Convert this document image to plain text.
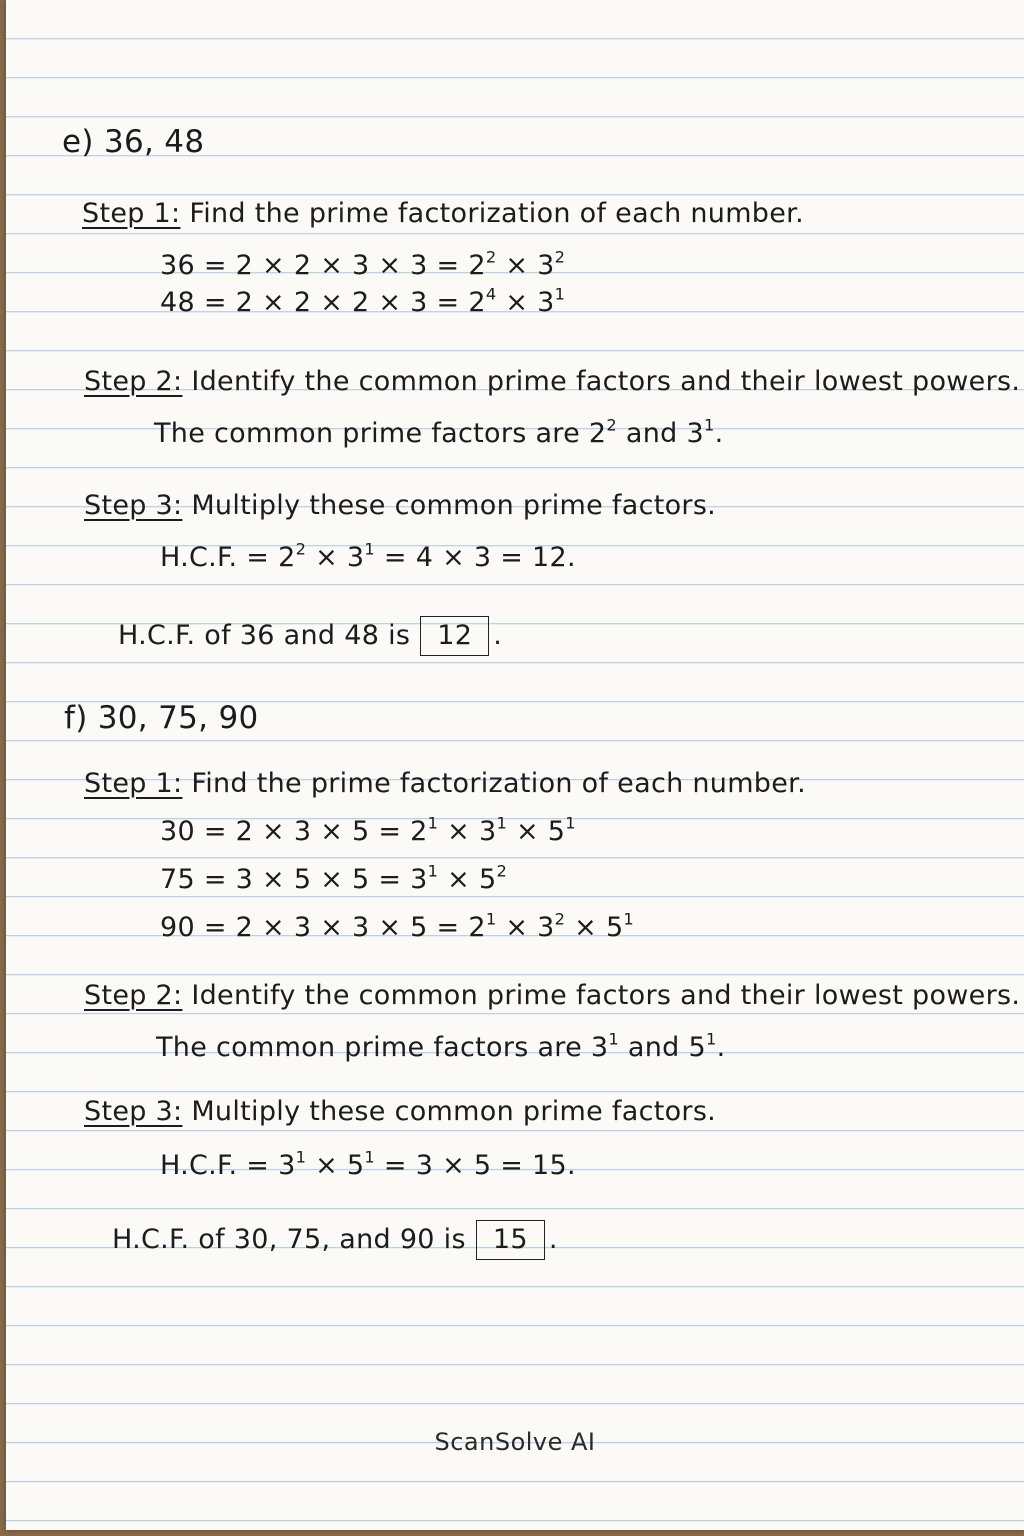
e) 36, 48
Step 1: Find the prime factorization of each number.
$36 = 2 \times 2 \times 3 \times 3 = 2^2 \times 3^2$
$48 = 2 \times 2 \times 2 \times 3 = 2^4 \times 3^1$
Step 2: Identify the common prime factors and their lowest powers.
The common prime factors are $2^2$ and $3^1$.
Step 3: Multiply these common prime factors.
H.C.F. = $2^2 \times 3^1 = 4 \times 3 = 12$.
H.C.F. of 36 and 48 is 12 .
f) 30, 75, 90
Step 1: Find the prime factorization of each number.
$30 = 2 \times 3 \times 5 = 2^1 \times 3^1 \times 5^1$
$75 = 3 \times 5 \times 5 = 3^1 \times 5^2$
$90 = 2 \times 3 \times 3 \times 5 = 2^1 \times 3^2 \times 5^1$
Step 2: Identify the common prime factors and their lowest powers.
The common prime factors are $3^1$ and $5^1$.
Step 3: Multiply these common prime factors.
H.C.F. = $3^1 \times 5^1 = 3 \times 5 = 15$.
H.C.F. of 30, 75, and 90 is 15 .
ScanSolve AI
